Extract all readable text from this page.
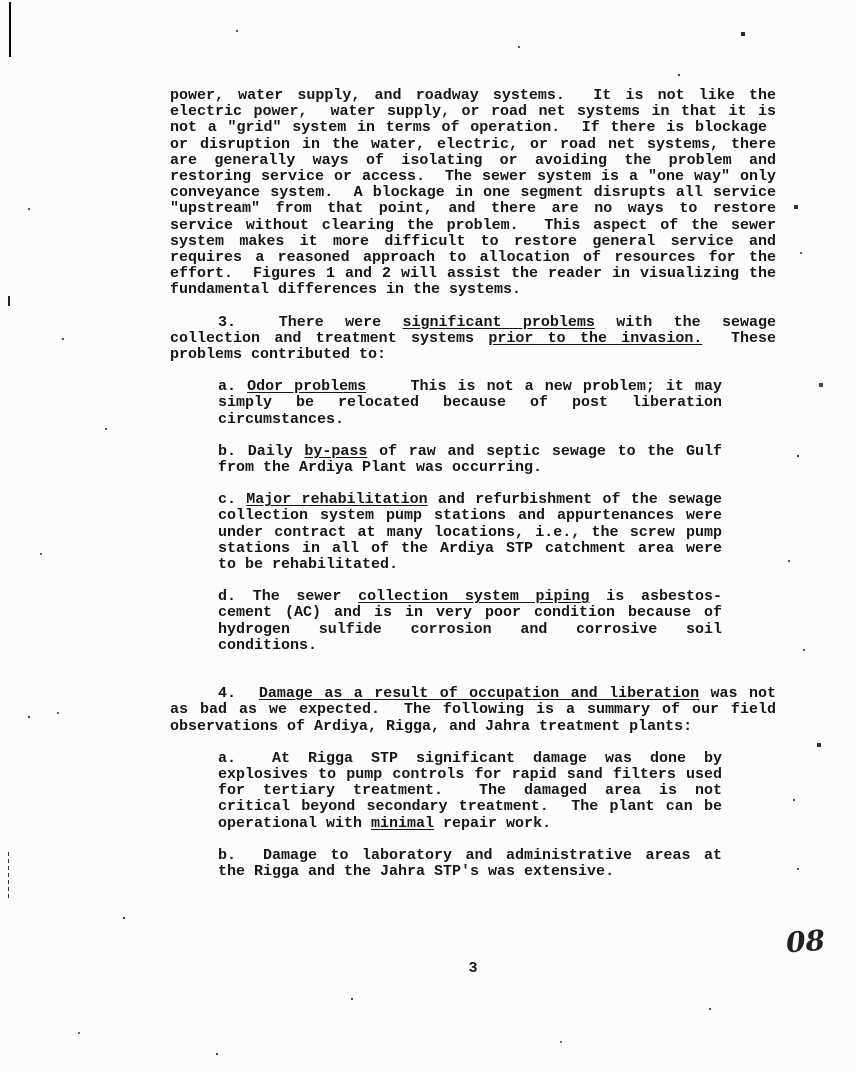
power, water supply, and roadway systems.  It is not like the electric power,  water supply, or road net systems in that it is not a "grid" system in terms of operation.  If there is blockage  or disruption in the water, electric, or road net systems, there are generally ways of isolating or avoiding the problem and restoring service or access.  The sewer system is a "one way" only conveyance system.  A blockage in one segment disrupts all service "upstream" from that point, and there are no ways to restore service without clearing the problem.  This aspect of the sewer system makes it more difficult to restore general service and requires a reasoned approach to allocation of resources for the effort.  Figures 1 and 2 will assist the reader in visualizing the fundamental differences in the systems.

3.  There were significant problems with the sewage collection and treatment systems prior to the invasion.  These problems contributed to:

a. Odor problems    This is not a new problem; it may simply be relocated because of post liberation circumstances.

b. Daily by-pass of raw and septic sewage to the Gulf from the Ardiya Plant was occurring.

c. Major rehabilitation and refurbishment of the sewage collection system pump stations and appurtenances were under contract at many locations, i.e., the screw pump stations in all of the Ardiya STP catchment area were to be rehabilitated.

d. The sewer collection system piping is asbestos-cement (AC) and is in very poor condition because of hydrogen sulfide corrosion and corrosive soil conditions.

4.  Damage as a result of occupation and liberation was not as bad as we expected.  The following is a summary of our field observations of Ardiya, Rigga, and Jahra treatment plants:

a.  At Rigga STP significant damage was done by explosives to pump controls for rapid sand filters used for tertiary treatment.  The damaged area is not critical beyond secondary treatment.  The plant can be operational with minimal repair work.

b.  Damage to laboratory and administrative areas at the Rigga and the Jahra STP's was extensive.

3
08
